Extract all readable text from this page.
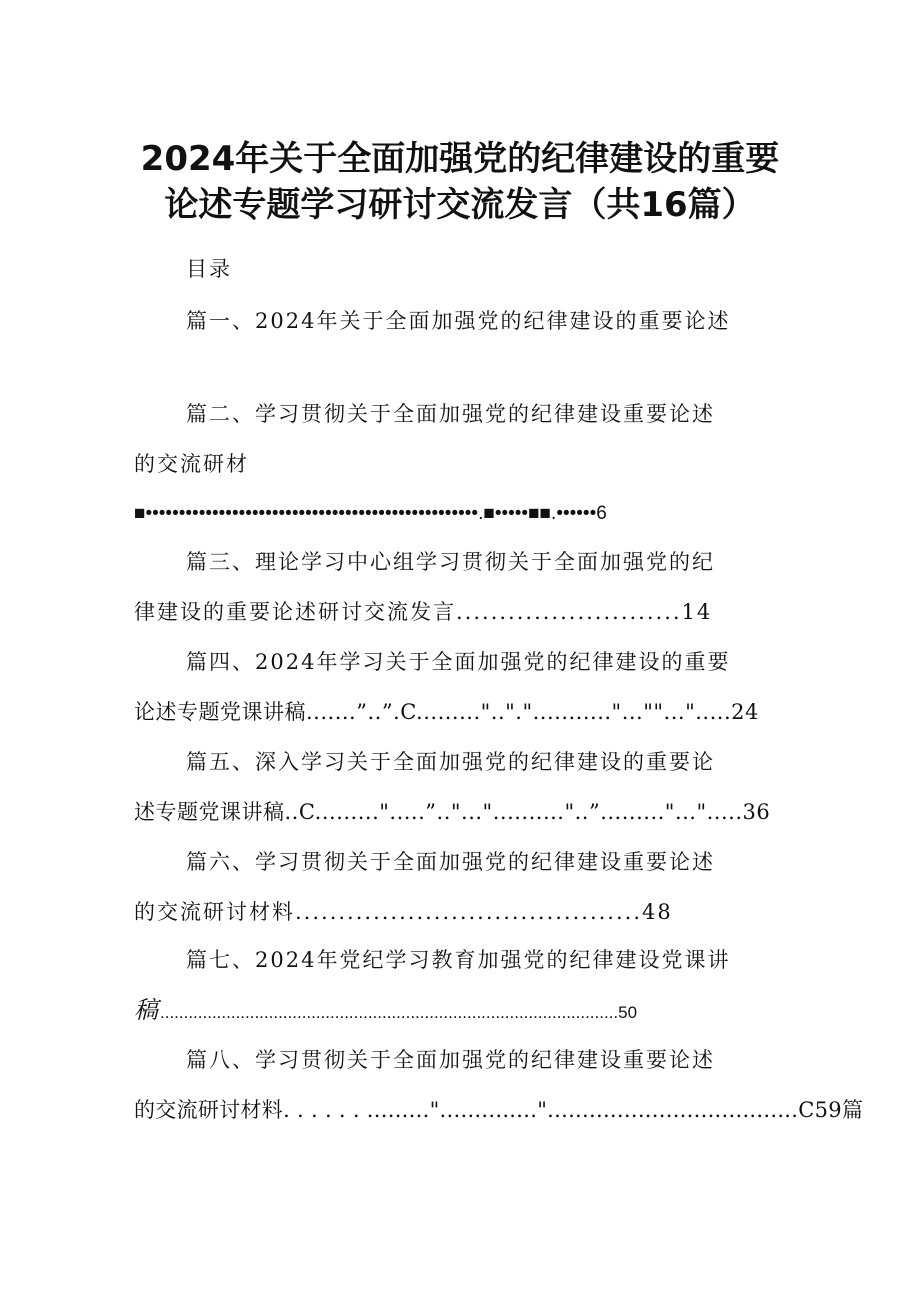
2024年关于全面加强党的纪律建设的重要
论述专题学习研讨交流发言（共16篇）
目录
篇一、2024年关于全面加强党的纪律建设的重要论述
篇二、学习贯彻关于全面加强党的纪律建设重要论述
的交流研材
■••••••••••••••••••••••••••••••••••••••••••••••••••.■•••••■■.••••••6
篇三、理论学习中心组学习贯彻关于全面加强党的纪
律建设的重要论述研讨交流发言..........................14
篇四、2024年学习关于全面加强党的纪律建设的重要
论述专题党课讲稿.......”..”.C.........".."."..........."...""...".....24
篇五、深入学习关于全面加强党的纪律建设的重要论
述专题党课讲稿..C.........".....”.."...".........."..”........."...".....36
篇六、学习贯彻关于全面加强党的纪律建设重要论述
的交流研讨材料........................................48
篇七、2024年党纪学习教育加强党的纪律建设党课讲
稿.................................................................................................50
篇八、学习贯彻关于全面加强党的纪律建设重要论述
的交流研讨材料. . . . . . .........".............."....................................C59篇
